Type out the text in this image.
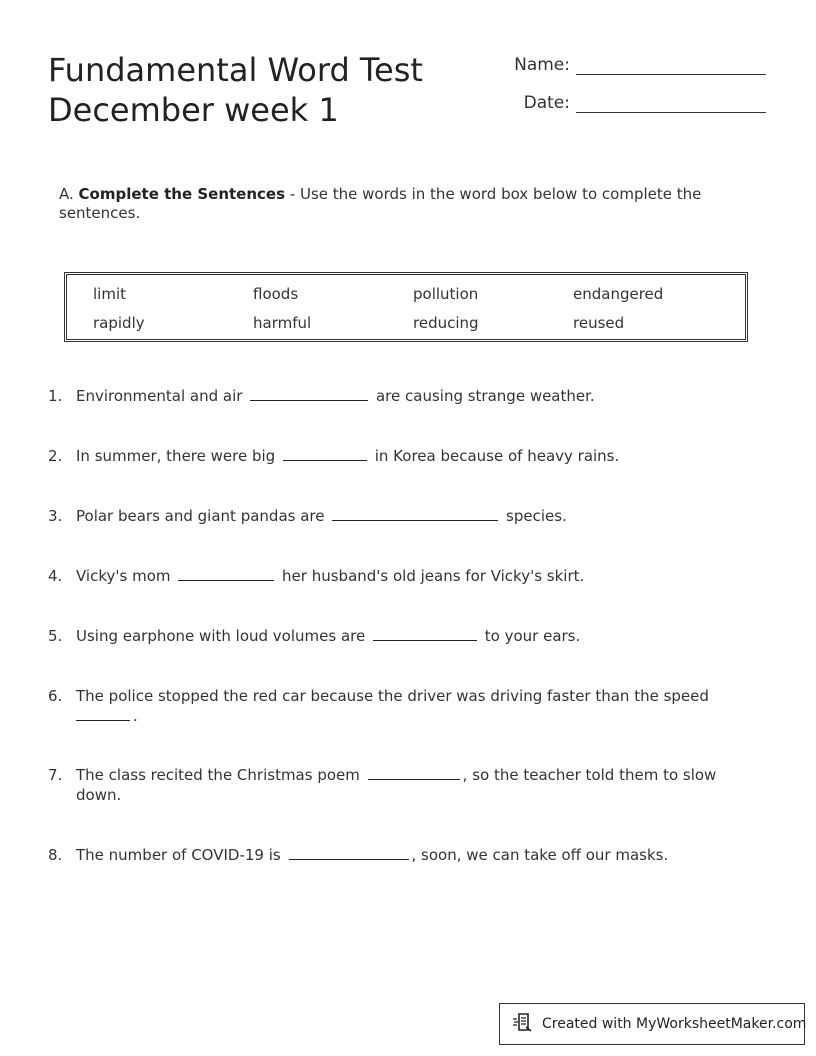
Fundamental Word Test
December week 1
Name:
Date:
A. Complete the Sentences - Use the words in the word box below to complete the sentences.
limit	floods	pollution	endangered
rapidly	harmful	reducing	reused
1. Environmental and air	are causing strange weather.
2. In summer, there were big	in Korea because of heavy rains.
3. Polar bears and giant pandas are	species.
4. Vicky's mom	her husband's old jeans for Vicky's skirt.
5. Using earphone with loud volumes are	to your ears.
6. The police stopped the red car because the driver was driving faster than the speed
.
7. The class recited the Christmas poem	, so the teacher told them to slow down.
8. The number of COVID-19 is	, soon, we can take off our masks.
Created with MyWorksheetMaker.com
